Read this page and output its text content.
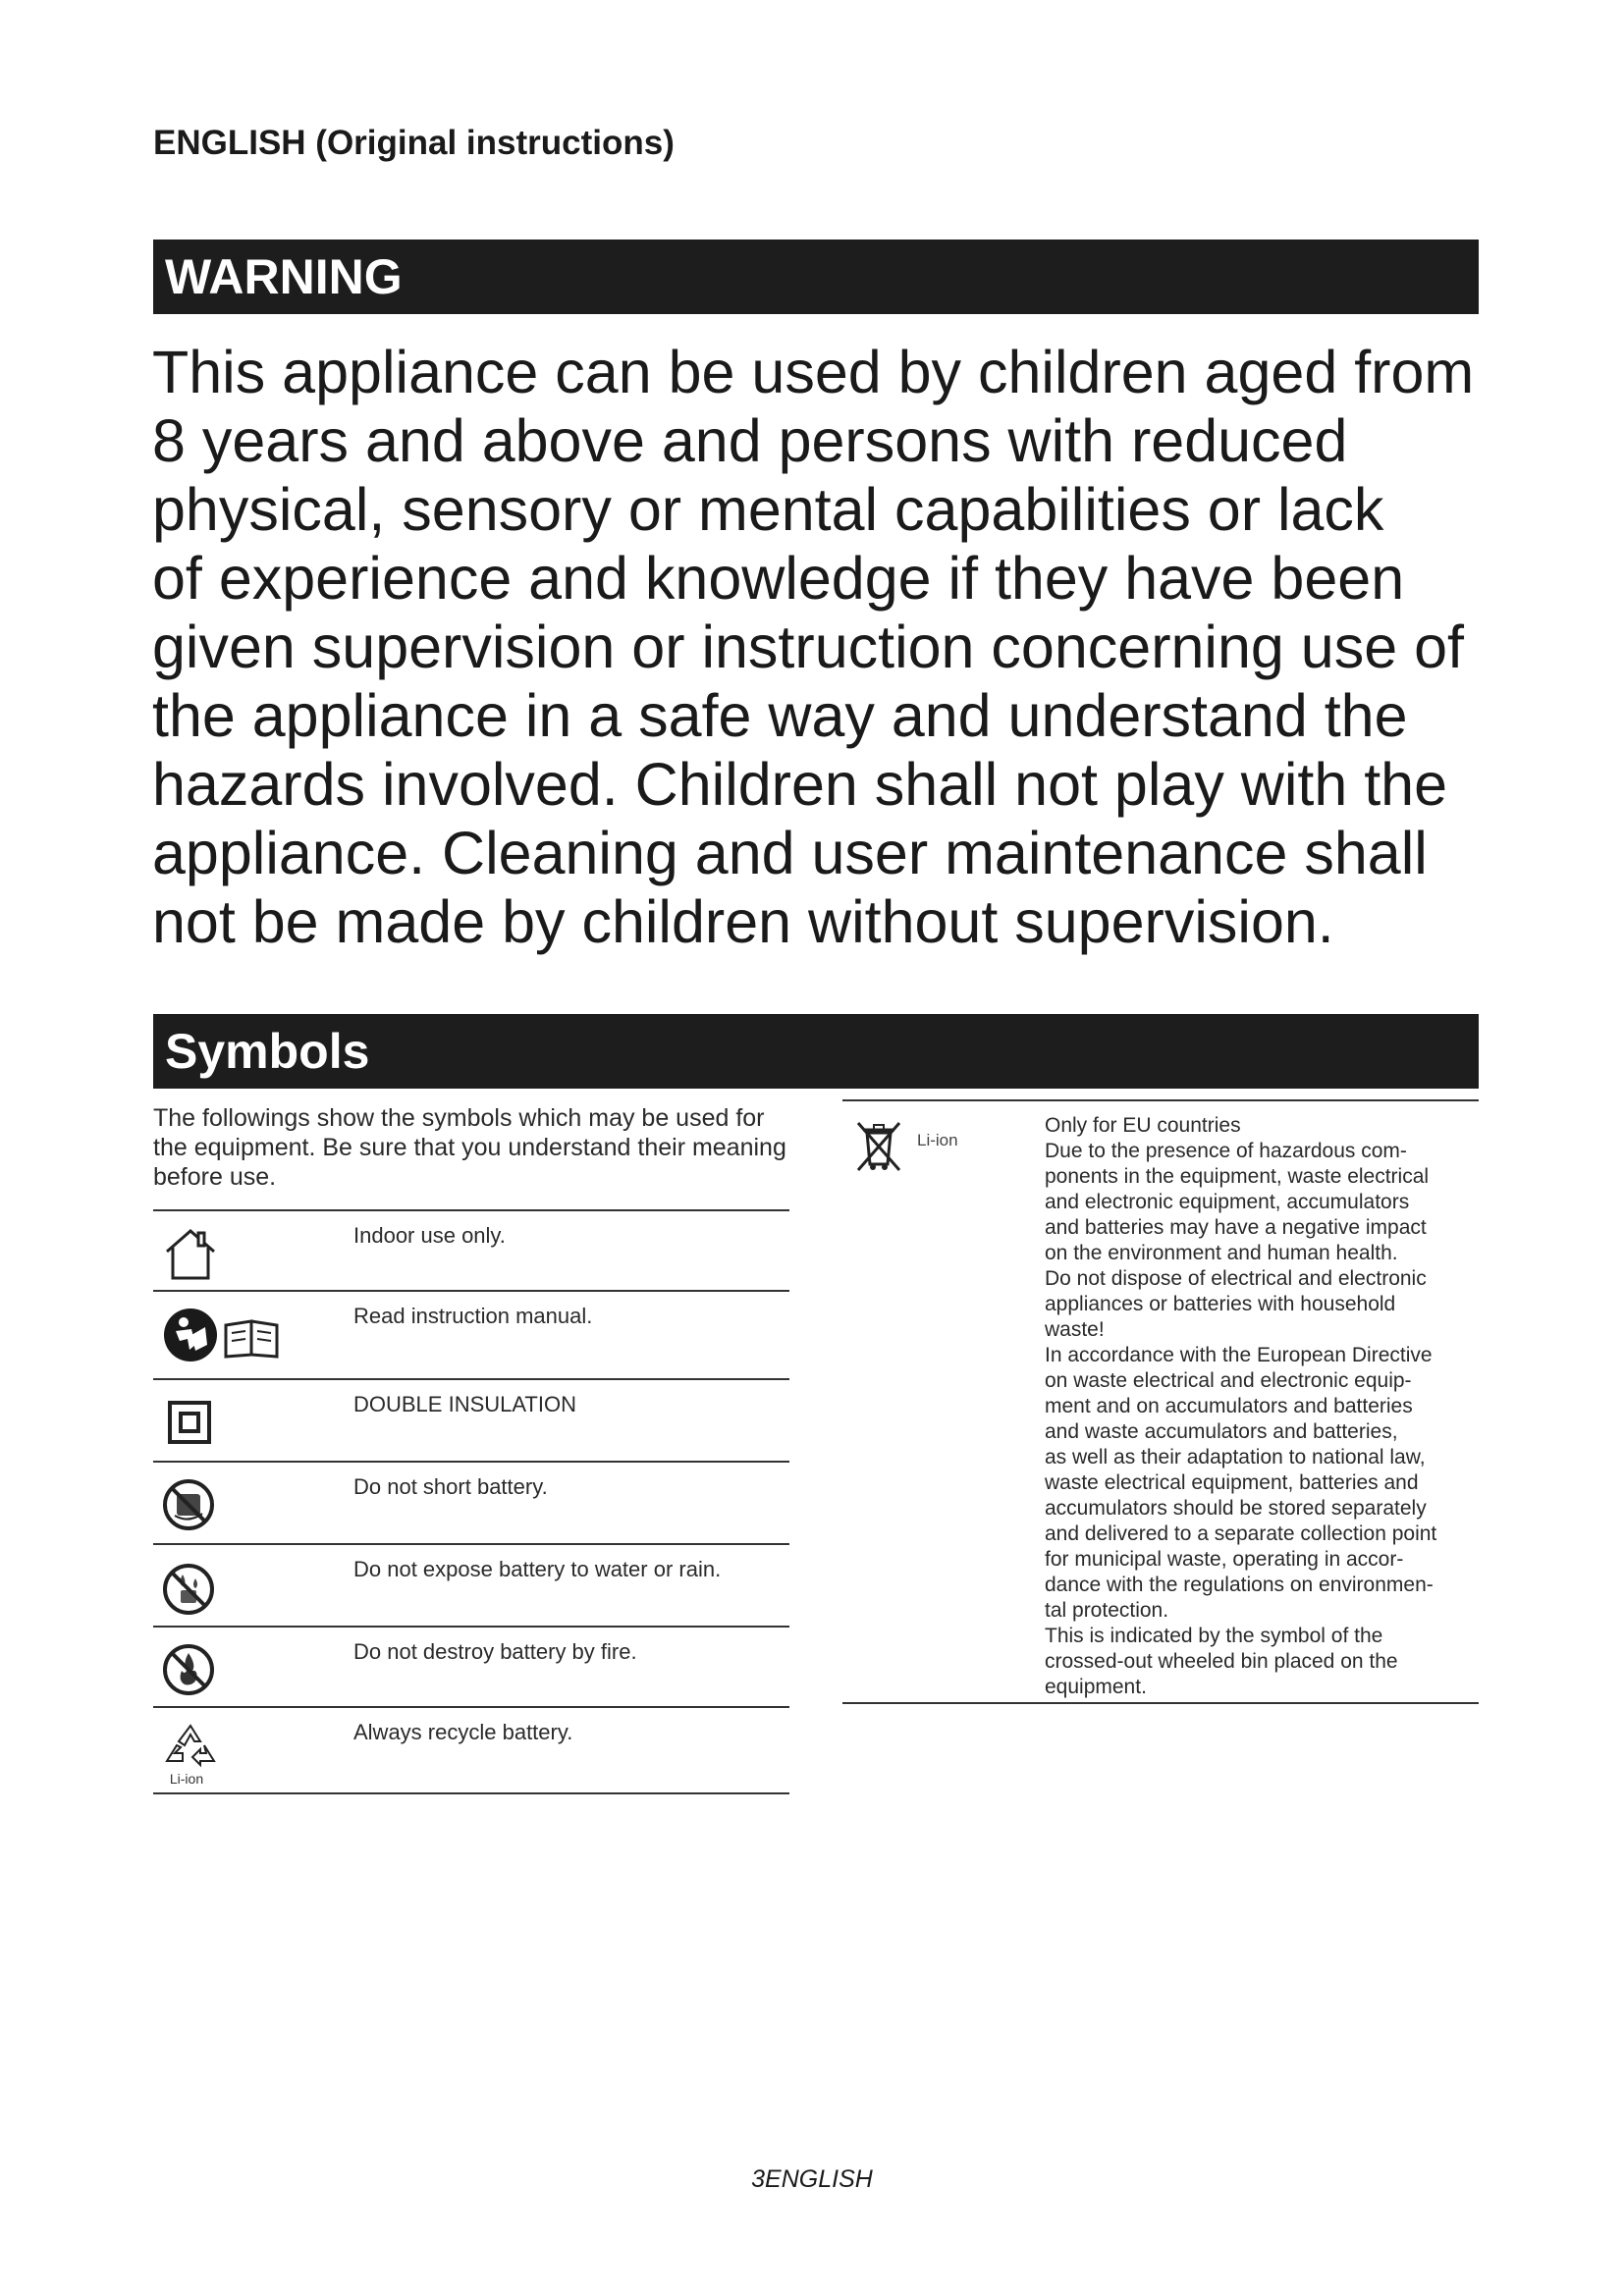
ENGLISH (Original instructions)
WARNING
This appliance can be used by children aged from
8 years and above and persons with reduced
physical, sensory or mental capabilities or lack
of experience and knowledge if they have been
given supervision or instruction concerning use of
the appliance in a safe way and understand the
hazards involved. Children shall not play with the
appliance. Cleaning and user maintenance shall
not be made by children without supervision.
Symbols
The followings show the symbols which may be used for the equipment. Be sure that you understand their meaning before use.
Indoor use only.
Read instruction manual.
DOUBLE INSULATION
Do not short battery.
Do not expose battery to water or rain.
Do not destroy battery by fire.
Li-ion
Always recycle battery.
Li-ion
Only for EU countries
Due to the presence of hazardous com-
ponents in the equipment, waste electrical
and electronic equipment, accumulators
and batteries may have a negative impact
on the environment and human health.
Do not dispose of electrical and electronic
appliances or batteries with household
waste!
In accordance with the European Directive
on waste electrical and electronic equip-
ment and on accumulators and batteries
and waste accumulators and batteries,
as well as their adaptation to national law,
waste electrical equipment, batteries and
accumulators should be stored separately
and delivered to a separate collection point
for municipal waste, operating in accor-
dance with the regulations on environmen-
tal protection.
This is indicated by the symbol of the
crossed-out wheeled bin placed on the
equipment.
3ENGLISH
